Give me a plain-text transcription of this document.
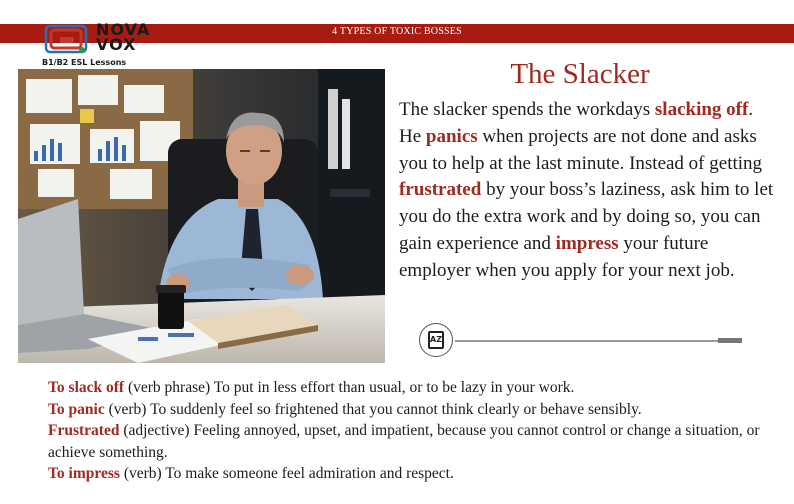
4 TYPES OF TOXIC BOSSES
NOVA
VOX
B1/B2 ESL Lessons	The Slacker
The slacker spends the workdays slacking off. He panics when projects are not done and asks you to help at the last minute. Instead of getting frustrated by your boss’s laziness, ask him to let you do the extra work and by doing so, you can gain experience and impress your future employer when you apply for your next job.
AZ

To slack off (verb phrase) To put in less effort than usual, or to be lazy in your work.

To panic (verb) To suddenly feel so frightened that you cannot think clearly or behave sensibly.

Frustrated (adjective) Feeling annoyed, upset, and impatient, because you cannot control or change a situation, or achieve something.

To impress (verb) To make someone feel admiration and respect.
